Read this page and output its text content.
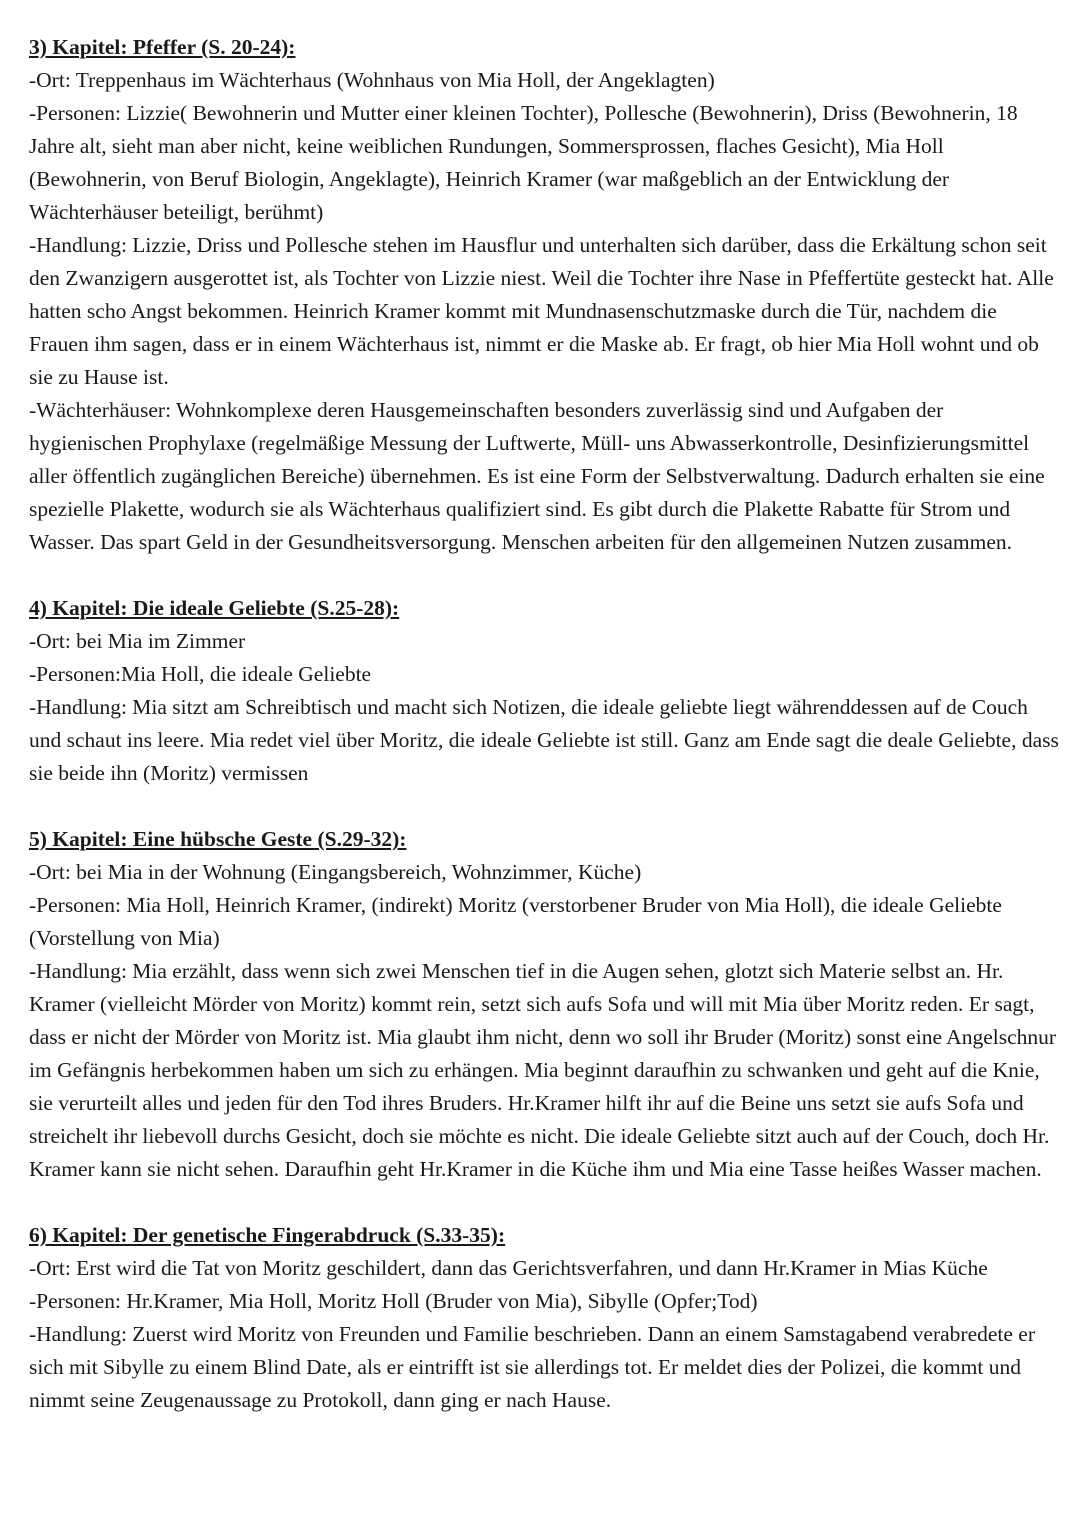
3) Kapitel: Pfeffer (S. 20-24):
-Ort: Treppenhaus im Wächterhaus (Wohnhaus von Mia Holl, der Angeklagten)
-Personen: Lizzie( Bewohnerin und Mutter einer kleinen Tochter), Pollesche (Bewohnerin), Driss (Bewohnerin, 18 Jahre alt, sieht man aber nicht, keine weiblichen Rundungen, Sommersprossen, flaches Gesicht), Mia Holl (Bewohnerin, von Beruf Biologin, Angeklagte), Heinrich Kramer (war maßgeblich an der Entwicklung der Wächterhäuser beteiligt, berühmt)
-Handlung: Lizzie, Driss und Pollesche stehen im Hausflur und unterhalten sich darüber, dass die Erkältung schon seit den Zwanzigern ausgerottet ist, als Tochter von Lizzie niest. Weil die Tochter ihre Nase in Pfeffertüte gesteckt hat. Alle hatten scho Angst bekommen. Heinrich Kramer kommt mit Mundnasenschutzmaske durch die Tür, nachdem die Frauen ihm sagen, dass er in einem Wächterhaus ist, nimmt er die Maske ab. Er fragt, ob hier Mia Holl wohnt und ob sie zu Hause ist.
-Wächterhäuser: Wohnkomplexe deren Hausgemeinschaften besonders zuverlässig sind und Aufgaben der hygienischen Prophylaxe (regelmäßige Messung der Luftwerte, Müll- uns Abwasserkontrolle, Desinfizierungsmittel aller öffentlich zugänglichen Bereiche) übernehmen. Es ist eine Form der Selbstverwaltung. Dadurch erhalten sie eine spezielle Plakette, wodurch sie als Wächterhaus qualifiziert sind. Es gibt durch die Plakette Rabatte für Strom und Wasser. Das spart Geld in der Gesundheitsversorgung. Menschen arbeiten für den allgemeinen Nutzen zusammen.
4) Kapitel: Die ideale Geliebte (S.25-28):
-Ort: bei Mia im Zimmer
-Personen:Mia Holl, die ideale Geliebte
-Handlung: Mia sitzt am Schreibtisch und macht sich Notizen, die ideale geliebte liegt währenddessen auf de Couch und schaut ins leere. Mia redet viel über Moritz, die ideale Geliebte ist still. Ganz am Ende sagt die deale Geliebte, dass sie beide ihn (Moritz) vermissen
5) Kapitel: Eine hübsche Geste (S.29-32):
-Ort: bei Mia in der Wohnung (Eingangsbereich, Wohnzimmer, Küche)
-Personen: Mia Holl, Heinrich Kramer, (indirekt) Moritz (verstorbener Bruder von Mia Holl), die ideale Geliebte (Vorstellung von Mia)
-Handlung: Mia erzählt, dass wenn sich zwei Menschen tief in die Augen sehen, glotzt sich Materie selbst an. Hr. Kramer (vielleicht Mörder von Moritz) kommt rein, setzt sich aufs Sofa und will mit Mia über Moritz reden. Er sagt, dass er nicht der Mörder von Moritz ist. Mia glaubt ihm nicht, denn wo soll ihr Bruder (Moritz) sonst eine Angelschnur im Gefängnis herbekommen haben um sich zu erhängen. Mia beginnt daraufhin zu schwanken und geht auf die Knie, sie verurteilt alles und jeden für den Tod ihres Bruders. Hr.Kramer hilft ihr auf die Beine uns setzt sie aufs Sofa und streichelt ihr liebevoll durchs Gesicht, doch sie möchte es nicht. Die ideale Geliebte sitzt auch auf der Couch, doch Hr. Kramer kann sie nicht sehen. Daraufhin geht Hr.Kramer in die Küche ihm und Mia eine Tasse heißes Wasser machen.
6) Kapitel: Der genetische Fingerabdruck (S.33-35):
-Ort: Erst wird die Tat von Moritz geschildert, dann das Gerichtsverfahren, und dann Hr.Kramer in Mias Küche
-Personen: Hr.Kramer, Mia Holl, Moritz Holl (Bruder von Mia), Sibylle (Opfer;Tod)
-Handlung: Zuerst wird Moritz von Freunden und Familie beschrieben. Dann an einem Samstagabend verabredete er sich mit Sibylle zu einem Blind Date, als er eintrifft ist sie allerdings tot. Er meldet dies der Polizei, die kommt und nimmt seine Zeugenaussage zu Protokoll, dann ging er nach Hause.
